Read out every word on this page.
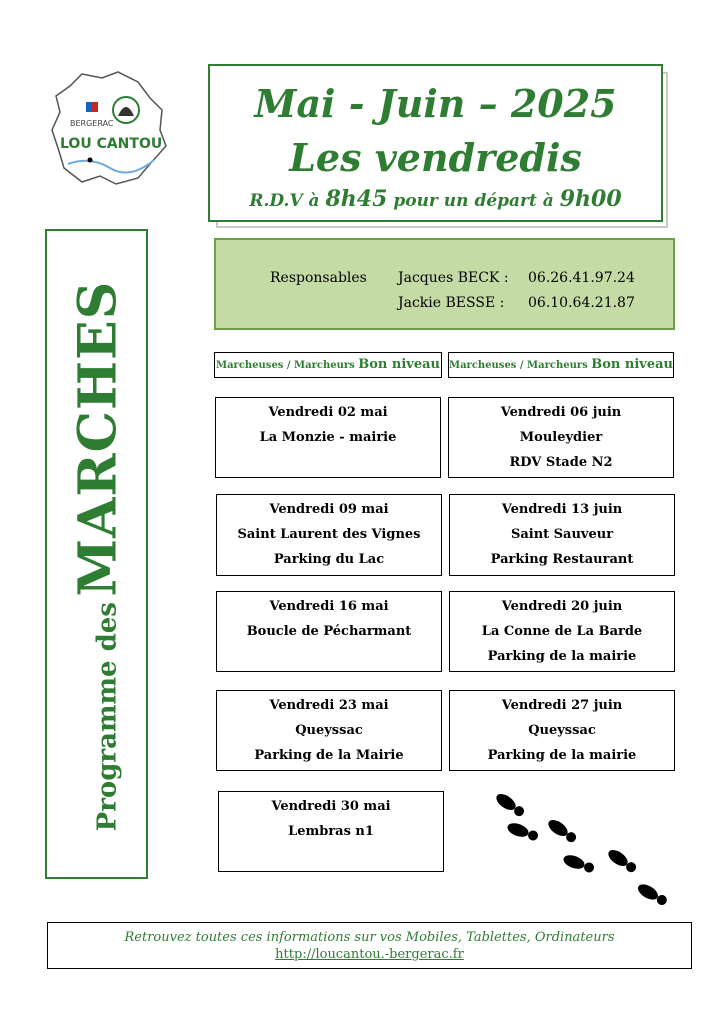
BERGERAC
LOU CANTOU
Mai - Juin – 2025
Les vendredis
R.D.V à 8h45 pour un départ à 9h00
Responsables Jacques BECK : 06.26.41.97.24
Jackie BESSE : 06.10.64.21.87
Programme des MARCHES	Marcheuses / Marcheurs Bon niveau Marcheuses / Marcheurs Bon niveau
Vendredi 02 mai
La Monzie - mairie
Vendredi 09 mai
Saint Laurent des Vignes
Parking du Lac
Vendredi 16 mai
Boucle de Pécharmant
Vendredi 23 mai
Queyssac
Parking de la Mairie
Vendredi 30 mai
Lembras n1
Vendredi 06 juin
Mouleydier
RDV Stade N2
Vendredi 13 juin
Saint Sauveur
Parking Restaurant
Vendredi 20 juin
La Conne de La Barde
Parking de la mairie
Vendredi 27 juin
Queyssac
Parking de la mairie
Retrouvez toutes ces informations sur vos Mobiles, Tablettes, Ordinateurs
http://loucantou.-bergerac.fr
